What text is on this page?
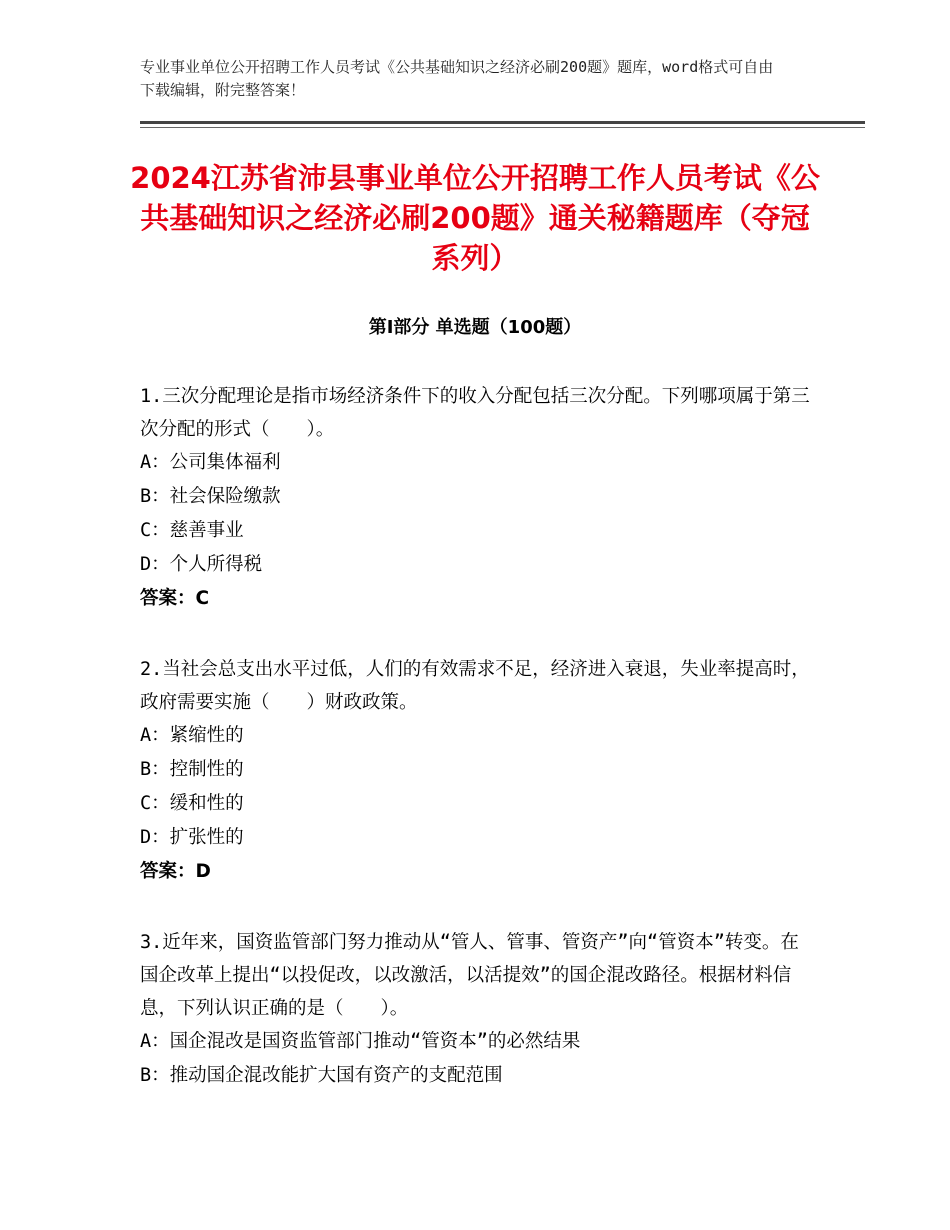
专业事业单位公开招聘工作人员考试《公共基础知识之经济必刷200题》题库，word格式可自由下载编辑，附完整答案！
2024江苏省沛县事业单位公开招聘工作人员考试《公共基础知识之经济必刷200题》通关秘籍题库（夺冠系列）
第Ⅰ部分 单选题（100题）

1.三次分配理论是指市场经济条件下的收入分配包括三次分配。下列哪项属于第三次分配的形式（　　）。

A：公司集体福利

B：社会保险缴款

C：慈善事业

D：个人所得税

答案：C

2.当社会总支出水平过低，人们的有效需求不足，经济进入衰退，失业率提高时，政府需要实施（　　）财政政策。

A：紧缩性的

B：控制性的

C：缓和性的

D：扩张性的

答案：D

3.近年来，国资监管部门努力推动从“管人、管事、管资产”向“管资本”转变。在国企改革上提出“以投促改，以改激活，以活提效”的国企混改路径。根据材料信息，下列认识正确的是（　　）。

A：国企混改是国资监管部门推动“管资本”的必然结果

B：推动国企混改能扩大国有资产的支配范围
